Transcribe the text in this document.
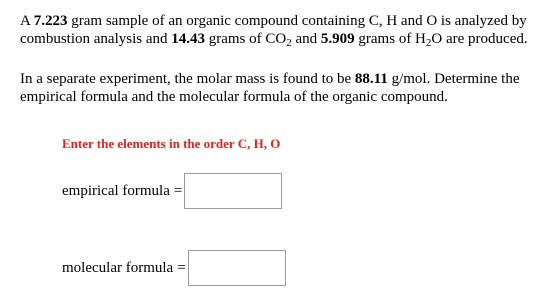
A 7.223 gram sample of an organic compound containing C, H and O is analyzed by combustion analysis and 14.43 grams of $CO_2$ and 5.909 grams of $H_2O$ are produced.

In a separate experiment, the molar mass is found to be 88.11 g/mol. Determine the empirical formula and the molecular formula of the organic compound.

Enter the elements in the order C, H, O

empirical formula =
molecular formula =
